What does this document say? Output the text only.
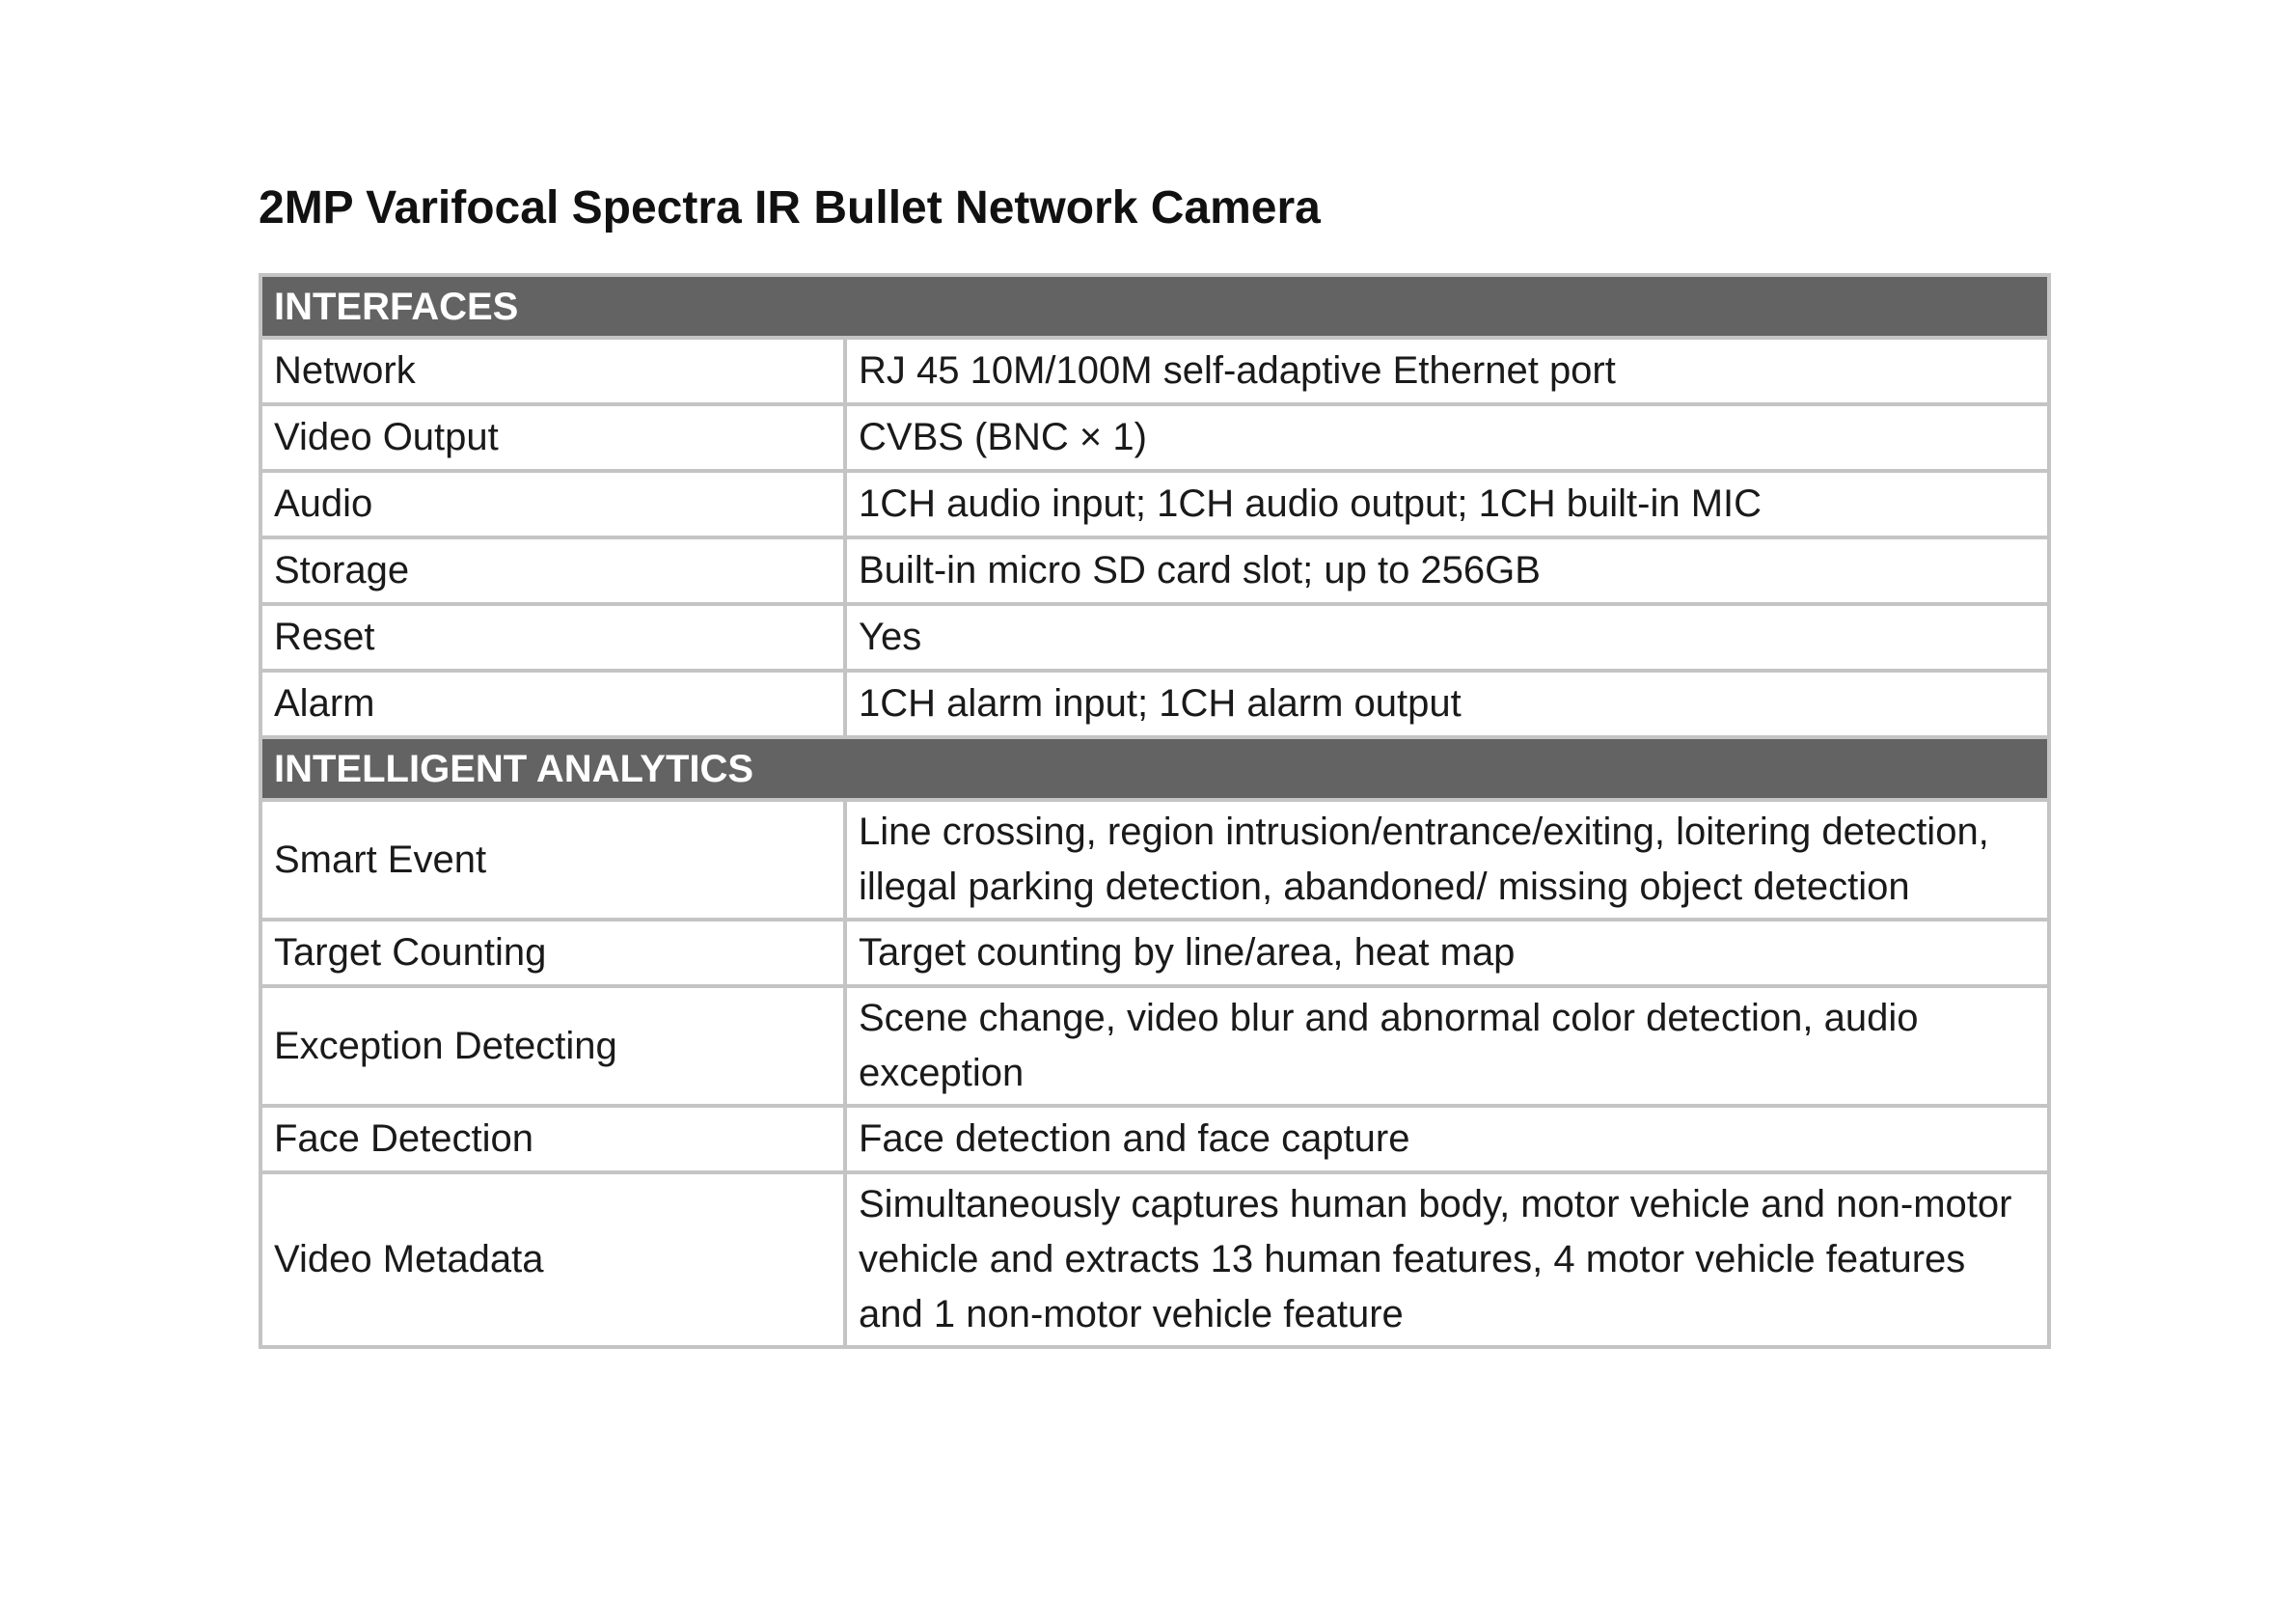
2MP Varifocal Spectra IR Bullet Network Camera
INTERFACES	
Network	RJ 45 10M/100M self-adaptive Ethernet port
Video Output	CVBS (BNC × 1)
Audio	1CH audio input; 1CH audio output; 1CH built-in MIC
Storage	Built-in micro SD card slot; up to 256GB
Reset	Yes
Alarm	1CH alarm input; 1CH alarm output
INTELLIGENT ANALYTICS	
Smart Event	Line crossing, region intrusion/entrance/exiting, loitering detection, illegal parking detection, abandoned/ missing object detection
Target Counting	Target counting by line/area, heat map
Exception Detecting	Scene change, video blur and abnormal color detection, audio exception
Face Detection	Face detection and face capture
Video Metadata	Simultaneously captures human body, motor vehicle and non-motor vehicle and extracts 13 human features, 4 motor vehicle features and 1 non-motor vehicle feature
